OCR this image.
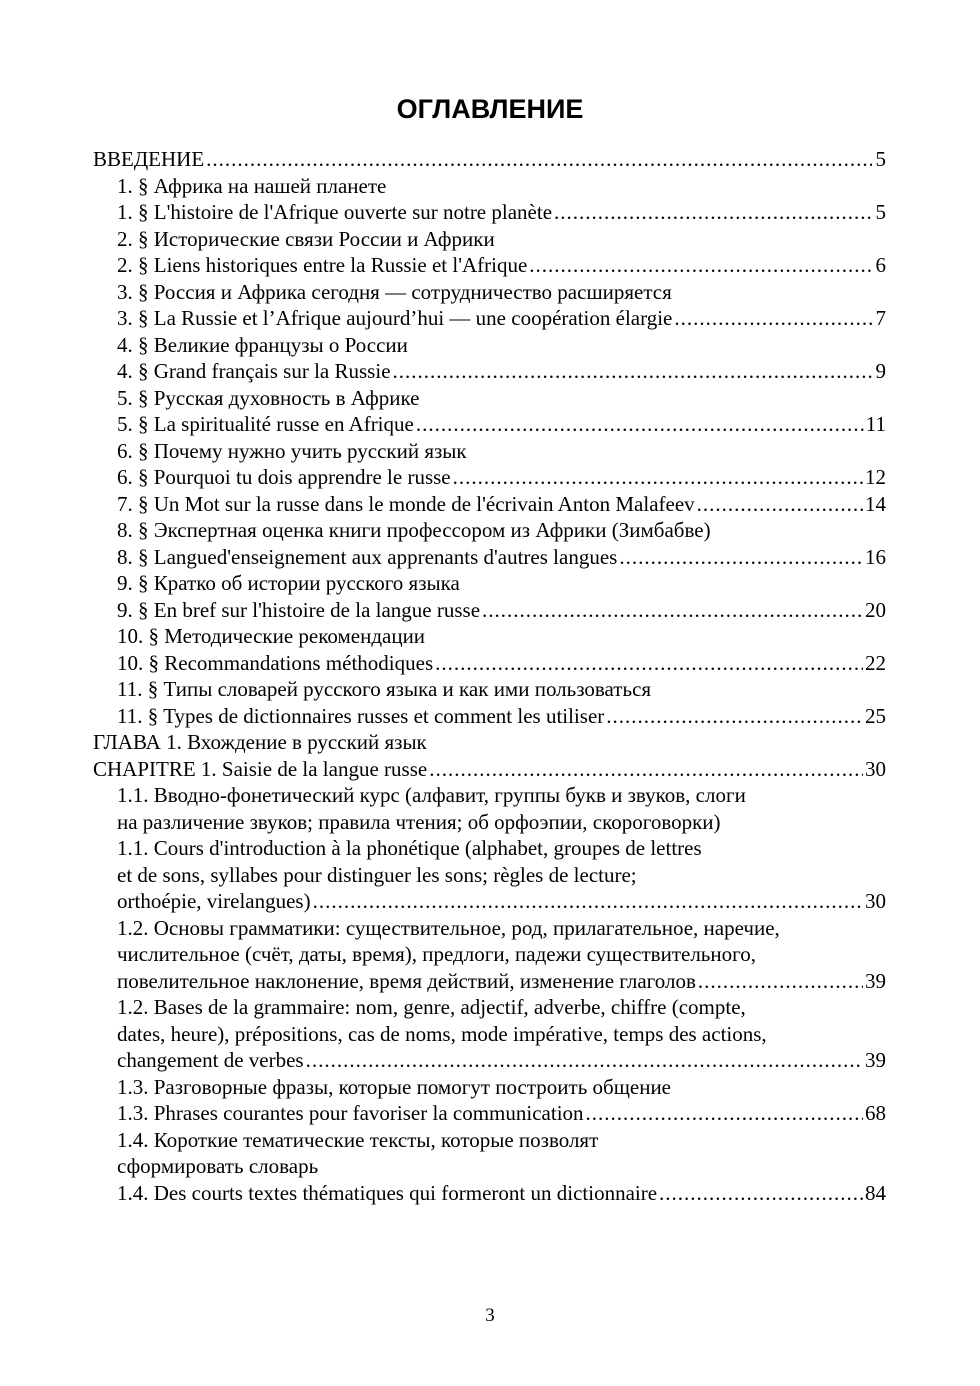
ОГЛАВЛЕНИЕ
ВВЕДЕНИЕ .....	5
1. § Африка на нашей планете
1. § L'histoire de l'Afrique ouverte sur notre planète .....	5
2. § Исторические связи России и Африки
2. § Liens historiques entre la Russie et l'Afrique .....	6
3. § Россия и Африка сегодня — сотрудничество расширяется
3. § La Russie et l’Afrique aujourd’hui — une coopération élargie .....	7
4. § Великие французы о России
4. § Grand français sur la Russie .....	9
5. § Русская духовность в Африке
5. § La spiritualité russe en Afrique .....	11
6. § Почему нужно учить русский язык
6. § Pourquoi tu dois apprendre le russe .....	12
7. § Un Mot sur la russe dans le monde de l'écrivain Anton Malafeev .....	14
8. § Экспертная оценка книги профессором из Африки (Зимбабве)
8. § Langued'enseignement aux apprenants d'autres langues .....	16
9. § Кратко об истории русского языка
9. § En bref sur l'histoire de la langue russe .....	20
10. § Методические рекомендации
10. § Recommandations méthodiques .....	22
11. § Типы словарей русского языка и как ими пользоваться
11. § Types de dictionnaires russes et comment les utiliser .....	25
ГЛАВА 1. Вхождение в русский язык
CHAPITRE 1. Saisie de la langue russe .....	30
1.1. Вводно-фонетический курс (алфавит, группы букв и звуков, слоги
на различение звуков; правила чтения; об орфоэпии, скороговорки)
1.1. Cours d'introduction à la phonétique (alphabet, groupes de lettres
et de sons, syllabes pour distinguer les sons; règles de lecture;
orthoépie, virelangues) .....	30
1.2. Основы грамматики: существительное, род, прилагательное, наречие,
числительное (счёт, даты, время), предлоги, падежи существительного,
повелительное наклонение, время действий, изменение глаголов .....	39
1.2. Bases de la grammaire: nom, genre, adjectif, adverbe, chiffre (compte,
dates, heure), prépositions, cas de noms, mode impérative, temps des actions,
changement de verbes .....	39
1.3. Разговорные фразы, которые помогут построить общение
1.3. Phrases courantes pour favoriser la communication .....	68
1.4. Короткие тематические тексты, которые позволят
сформировать словарь
1.4. Des courts textes thématiques qui formeront un dictionnaire .....	84
3
